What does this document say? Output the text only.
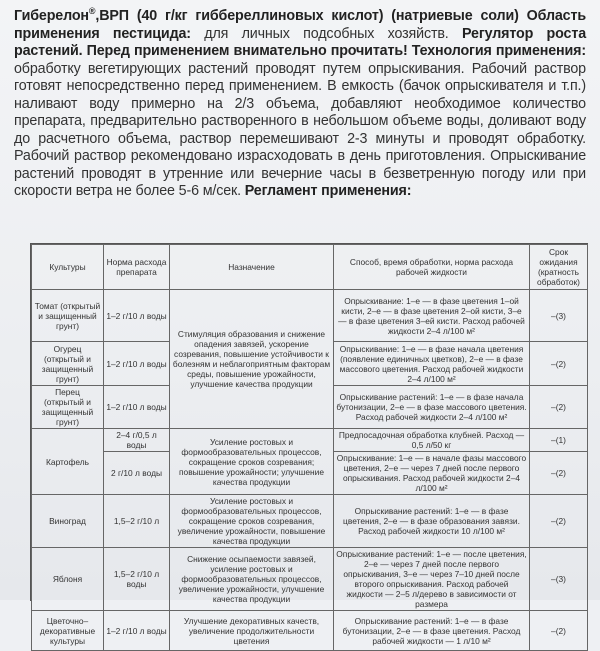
Гиберелон®,ВРП (40 г/кг гиббереллиновых кислот) (натриевые соли) Область применения пестицида: для личных подсобных хозяйств. Регулятор роста растений. Перед применением внимательно прочитать! Технология применения: обработку вегетирующих растений проводят путем опрыскивания. Рабочий раствор готовят непосредственно перед применением. В емкость (бачок опрыскивателя и т.п.) наливают воду примерно на 2/3 объема, добавляют необходимое количество препарата, предварительно растворенного в небольшом объеме воды, доливают воду до расчетного объема, раствор перемешивают 2-3 минуты и проводят обработку. Рабочий раствор рекомендовано израсходовать в день приготовления. Опрыскивание растений проводят в утренние или вечерние часы в безветренную погоду или при скорости ветра не более 5-6 м/сек. Регламент применения:
Культуры	Норма расхода препарата	Назначение	Способ, время обработки, норма расхода рабочей жидкости	Срок ожидания (кратность обработок)
Томат (открытый и защищенный грунт)	1–2 г/10 л воды	Стимуляция образования и снижение опадения завязей, ускорение созревания, повышение устойчивости к болезням и неблагоприятным факторам среды, повышение урожайности, улучшение качества продукции	Опрыскивание: 1–е — в фазе цветения 1–ой кисти, 2–е — в фазе цветения 2–ой кисти, 3–е — в фазе цветения 3–ей кисти. Расход рабочей жидкости 2–4 л/100 м²	–(3)
Огурец (открытый и защищенный грунт)	1–2 г/10 л воды		Опрыскивание: 1–е — в фазе начала цветения (появление единичных цветков), 2–е — в фазе массового цветения. Расход рабочей жидкости 2–4 л/100 м²	–(2)
Перец (открытый и защищенный грунт)	1–2 г/10 л воды		Опрыскивание растений: 1–е — в фазе начала бутонизации, 2–е — в фазе массового цветения. Расход рабочей жидкости 2–4 л/100 м²	–(2)
Картофель	2–4 г/0,5 л воды	Усиление ростовых и формообразовательных процессов, сокращение сроков созревания; повышение урожайности; улучшение качества продукции	Предпосадочная обработка клубней. Расход — 0,5 л/50 кг	–(1)
	2 г/10 л воды		Опрыскивание: 1–е — в начале фазы массового цветения, 2–е — через 7 дней после первого опрыскивания. Расход рабочей жидкости 2–4 л/100 м²	–(2)
Виноград	1,5–2 г/10 л	Усиление ростовых и формообразовательных процессов, сокращение сроков созревания, увеличение урожайности, повышение качества продукции	Опрыскивание растений: 1–е — в фазе цветения, 2–е — в фазе образования завязи. Расход рабочей жидкости 10 л/100 м²	–(2)
Яблоня	1,5–2 г/10 л воды	Снижение осыпаемости завязей, усиление ростовых и формообразовательных процессов, увеличение урожайности, улучшение качества продукции	Опрыскивание растений: 1–е — после цветения, 2–е — через 7 дней после первого опрыскивания, 3–е — через 7–10 дней после второго опрыскивания. Расход рабочей жидкости — 2–5 л/дерево в зависимости от размера	–(3)
Цветочно–декоративные культуры	1–2 г/10 л воды	Улучшение декоративных качеств, увеличение продолжительности цветения	Опрыскивание растений: 1–е — в фазе бутонизации, 2–е — в фазе цветения. Расход рабочей жидкости — 1 л/10 м²	–(2)
